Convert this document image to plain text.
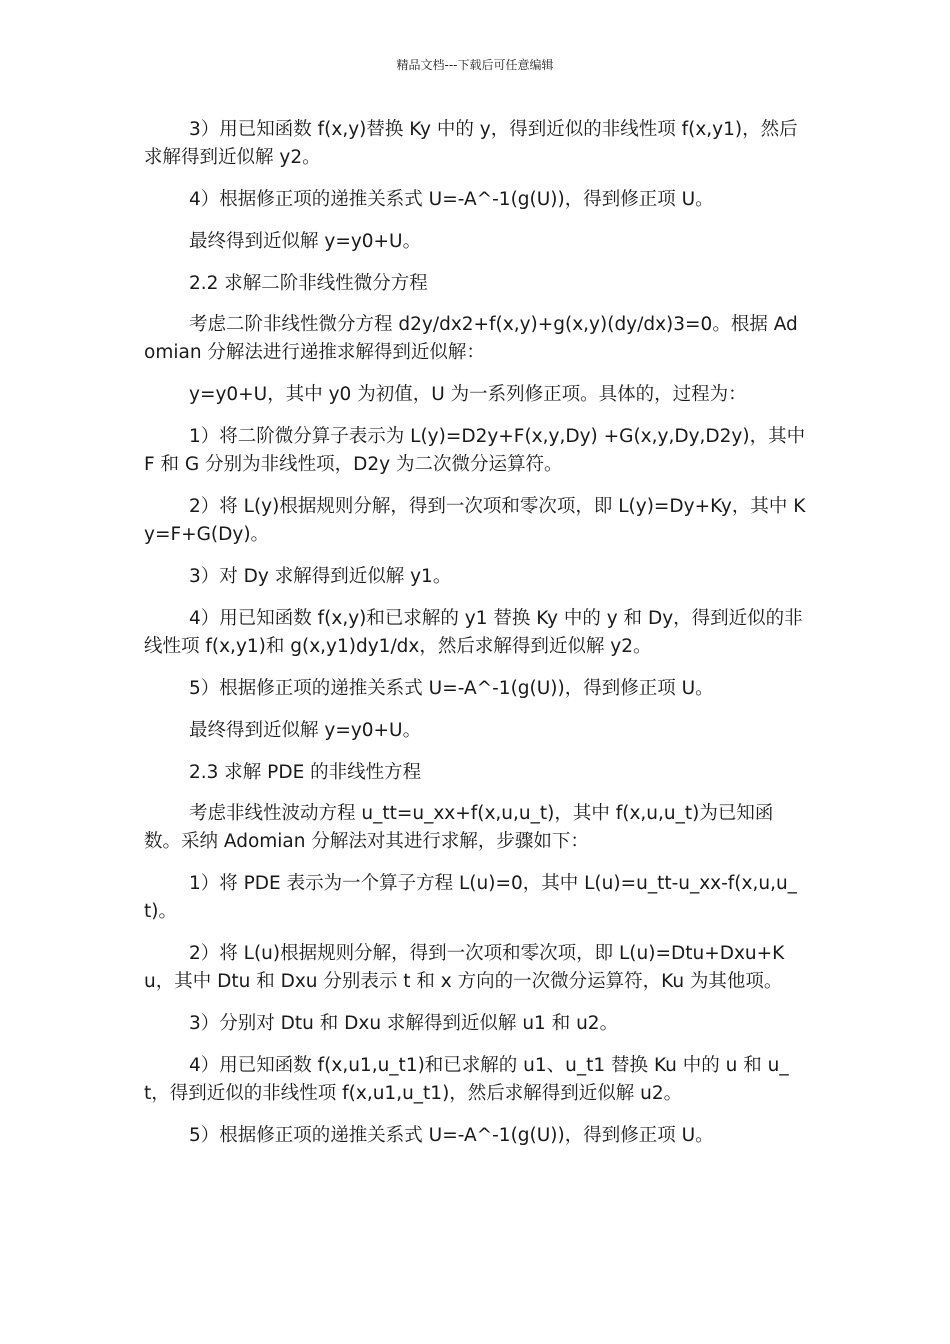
精品文档---下载后可任意编辑

3）用已知函数 f(x,y)替换 Ky 中的 y，得到近似的非线性项 f(x,y1)，然后求解得到近似解 y2。

4）根据修正项的递推关系式 U=-A^-1(g(U))，得到修正项 U。

最终得到近似解 y=y0+U。

2.2 求解二阶非线性微分方程

考虑二阶非线性微分方程 d2y/dx2+f(x,y)+g(x,y)(dy/dx)3=0。根据 Adomian 分解法进行递推求解得到近似解：

y=y0+U，其中 y0 为初值，U 为一系列修正项。具体的，过程为：

1）将二阶微分算子表示为 L(y)=D2y+F(x,y,Dy) +G(x,y,Dy,D2y)，其中 F 和 G 分别为非线性项，D2y 为二次微分运算符。

2）将 L(y)根据规则分解，得到一次项和零次项，即 L(y)=Dy+Ky，其中 Ky=F+G(Dy)。

3）对 Dy 求解得到近似解 y1。

4）用已知函数 f(x,y)和已求解的 y1 替换 Ky 中的 y 和 Dy，得到近似的非线性项 f(x,y1)和 g(x,y1)dy1/dx，然后求解得到近似解 y2。

5）根据修正项的递推关系式 U=-A^-1(g(U))，得到修正项 U。

最终得到近似解 y=y0+U。

2.3 求解 PDE 的非线性方程

考虑非线性波动方程 u_tt=u_xx+f(x,u,u_t)，其中 f(x,u,u_t)为已知函数。采纳 Adomian 分解法对其进行求解，步骤如下：

1）将 PDE 表示为一个算子方程 L(u)=0，其中 L(u)=u_tt-u_xx-f(x,u,u_t)。

2）将 L(u)根据规则分解，得到一次项和零次项，即 L(u)=Dtu+Dxu+Ku，其中 Dtu 和 Dxu 分别表示 t 和 x 方向的一次微分运算符，Ku 为其他项。

3）分别对 Dtu 和 Dxu 求解得到近似解 u1 和 u2。

4）用已知函数 f(x,u1,u_t1)和已求解的 u1、u_t1 替换 Ku 中的 u 和 u_t，得到近似的非线性项 f(x,u1,u_t1)，然后求解得到近似解 u2。

5）根据修正项的递推关系式 U=-A^-1(g(U))，得到修正项 U。
